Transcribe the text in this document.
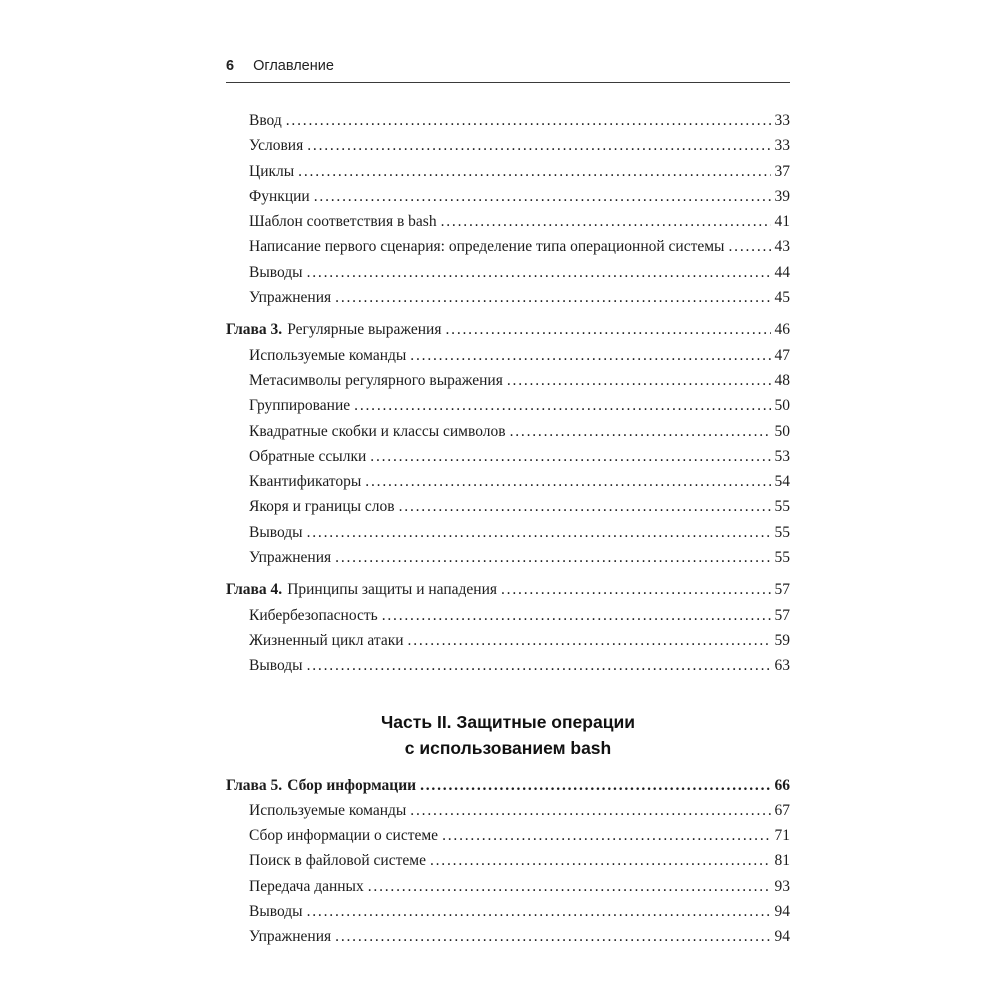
6 Оглавление
Ввод .....	33
Условия .....	33
Циклы .....	37
Функции .....	39
Шаблон соответствия в bash .....	41
Написание первого сценария: определение типа операционной системы .....	43
Выводы .....	44
Упражнения .....	45
Глава 3. Регулярные выражения .....	46
Используемые команды .....	47
Метасимволы регулярного выражения .....	48
Группирование .....	50
Квадратные скобки и классы символов .....	50
Обратные ссылки .....	53
Квантификаторы .....	54
Якоря и границы слов .....	55
Выводы .....	55
Упражнения .....	55
Глава 4. Принципы защиты и нападения .....	57
Кибербезопасность .....	57
Жизненный цикл атаки .....	59
Выводы .....	63
Часть II. Защитные операции
с использованием bash
Глава 5. Сбор информации .....	66
Используемые команды .....	67
Сбор информации о системе .....	71
Поиск в файловой системе .....	81
Передача данных .....	93
Выводы .....	94
Упражнения .....	94
